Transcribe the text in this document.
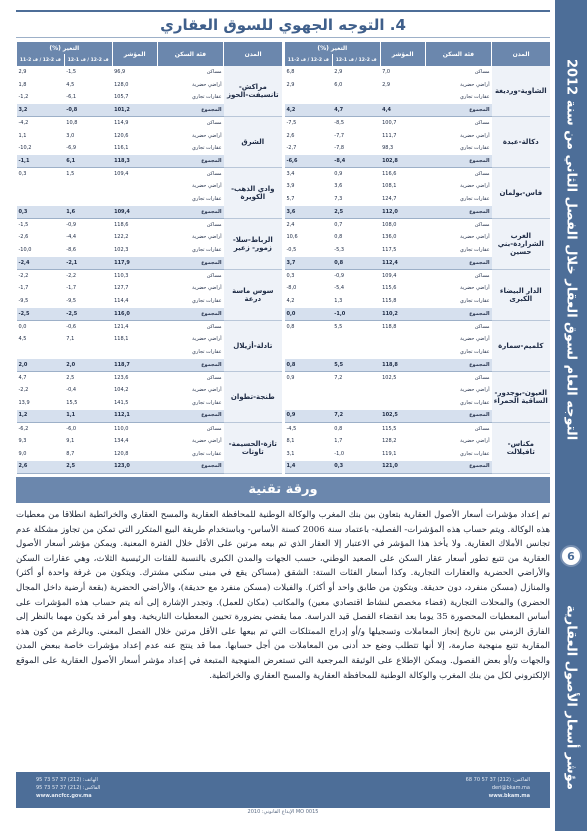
التوجه العام لسوق العقار خلال الفصل الثاني من سنة 2012
6
مؤشر أسعار الأصول العقارية
4. التوجه الجهوي للسوق العقاري
المدن	فئة السكن	المؤشر	التغير (%)	
			ف 2-12 / ف 1-12	ف 2-12 / ف 2-11
مراكش-تانسيفت-الحوز	مساكن	96,9	-1,5	2,9
	أراضي حضرية	128,0	4,5	1,8
	عقارات تجاري	105,7	-6,1	-1,2
	المجموع	101,2	-0,8	3,2
الشرق	مساكن	114,9	10,8	-4,2
	أراضي حضرية	120,6	3,0	1,1
	عقارات تجاري	116,1	-6,9	-10,2
	المجموع	118,3	6,1	-1,1
وادي الذهب-الكويرة	مساكن	109,4	1,5	0,3
	أراضي حضرية			
	عقارات تجاري			
	المجموع	109,4	1,6	0,3
الرباط-سلا-زمور- زعير	مساكن	118,6	-0,9	-1,5
	أراضي حضرية	122,2	-4,4	-2,6
	عقارات تجاري	102,3	-8,6	-10,0
	المجموع	117,9	-2,1	-2,4
سوس ماسة درعة	مساكن	110,3	-2,2	-2,2
	أراضي حضرية	127,7	-1,7	-1,7
	عقارات تجاري	114,4	-9,5	-9,5
	المجموع	116,0	-2,5	-2,5
تادلة-أزيلال	مساكن	121,4	-0,6	0,0
	أراضي حضرية	118,1	7,1	4,5
	عقارات تجاري			
	المجموع	118,7	2,0	2,0
طنجة-تطوان	مساكن	123,6	2,5	4,7
	أراضي حضرية	104,2	-0,4	-2,2
	عقارات تجاري	141,5	15,5	13,9
	المجموع	112,1	1,1	1,2
تازة-الحسيمة-تاونات	مساكن	110,0	-6,0	-6,2
	أراضي حضرية	134,4	9,1	9,3
	عقارات تجاري	120,8	8,7	9,0
	المجموع	123,0	2,5	2,6
المدن	فئة السكن	المؤشر	التغير (%)	
			ف 2-12 / ف 1-12	ف 2-12 / ف 2-11
الشاوية-ورديغة	مساكن	7,0	2,9	6,8
	أراضي حضرية	2,9	6,0	2,9
	عقارات تجاري			
	المجموع	4,4	4,7	4,2
دكالة-عبدة	مساكن	100,7	-8,5	-7,5
	أراضي حضرية	111,7	-7,7	2,6
	عقارات تجاري	98,3	-7,8	-2,7
	المجموع	102,8	-8,4	-6,6
فاس-بولمان	مساكن	116,6	0,9	3,4
	أراضي حضرية	108,1	3,6	3,9
	عقارات تجاري	124,7	7,3	5,7
	المجموع	112,0	2,5	3,6
الغرب الشراردة-بني حسين	مساكن	108,0	0,7	2,4
	أراضي حضرية	136,0	0,8	10,6
	عقارات تجاري	117,5	-5,3	-0,5
	المجموع	112,4	0,8	3,7
الدار البيضاء الكبرى	مساكن	109,4	-0,9	0,3
	أراضي حضرية	115,6	-5,4	-8,0
	عقارات تجاري	115,8	1,3	4,2
	المجموع	110,2	-1,0	0,0
كلميم-سمارة	مساكن	118,8	5,5	0,8
	أراضي حضرية			
	عقارات تجاري			
	المجموع	118,8	5,5	0,8
العيون-بوجدور-الساقية الحمراء	مساكن	102,5	7,2	0,9
	أراضي حضرية			
	عقارات تجاري			
	المجموع	102,5	7,2	0,9
مكناس-تافيلالت	مساكن	115,5	0,8	-4,5
	أراضي حضرية	128,2	1,7	8,1
	عقارات تجاري	119,1	-1,0	3,1
	المجموع	121,0	0,3	1,4
ورقة تقنية
تم إعداد مؤشرات أسعار الأصول العقارية بتعاون بين بنك المغرب والوكالة الوطنية للمحافظة العقارية والمسح العقاري والخرائطية انطلاقا من معطيات هذه الوكالة. ويتم حساب هذه المؤشرات- الفصلية- باعتماد سنة 2006 كسنة الأساس- وباستخدام طريقة البيع المتكرر التي تمكن من تجاوز مشكلة عدم تجانس الأملاك العقارية. ولا يأخذ هذا المؤشر في الاعتبار إلا العقار الذي تم بيعه مرتين على الأقل خلال الفترة المعنية. ويمكن مؤشر أسعار الأصول العقارية من تتبع تطور أسعار عقار السكن على الصعيد الوطني، حسب الجهات والمدن الكبرى بالنسبة للفئات الرئيسية الثلاث، وهي عقارات السكن والأراضي الحضرية والعقارات التجارية. وكذا أسعار الفئات الستة: الشقق (مساكن يقع في مبنى سكني مشترك. ويتكون من غرفة واحدة أو أكثر) والمنازل (مسكن منفرد، دون حديقة. ويتكون من طابق واحد أو أكثر). والفيلات (مسكن منفرد مع حديقة)، والأراضي الحضرية (بقعة أرضية داخل المجال الحضري) والمحلات التجارية (فضاء مخصص لنشاط اقتصادي معين) والمكاتب (مكان للعمل). وتجدر الإشارة إلى أنه يتم حساب هذه المؤشرات على أساس المعطيات المحصورة 35 يوما بعد انقضاء الفصل قيد الدراسة. مما يقضي بضرورة تحيين المعطيات التاريخية. وهو أمر قد يكون مهما بالنظر إلى الفارق الزمني بين تاريخ إنجاز المعاملات وتسجيلها و/أو إدراج الممتلكات التي تم بيعها على الأقل مرتين خلال الفصل المعني. وبالرغم من كون هذه المقاربة تتبع منهجية صارمة، إلا أنها تتطلب وضع حد أدنى من المعاملات من أجل حسابها. مما قد ينتج عنه عدم إعداد مؤشرات خاصة ببعض المدن والجهات و/أو بعض الفصول. ويمكن الإطلاع على الوثيقة المرجعية التي تستعرض المنهجية المتبعة في إعداد مؤشر أسعار الأصول العقارية على الموقع الإلكتروني لكل من بنك المغرب والوكالة الوطنية للمحافظة العقارية والمسح العقاري والخرائطية.
الهاتف: (212) 37 57 73 95
الفاكس: (212) 37 57 73 95
www.ancfcc.gov.ma
الفاكس: (212) 37 57 70 68
deri@bkam.ma
www.bkam.ma
الإيداع القانوني: 2010 MO 0015
